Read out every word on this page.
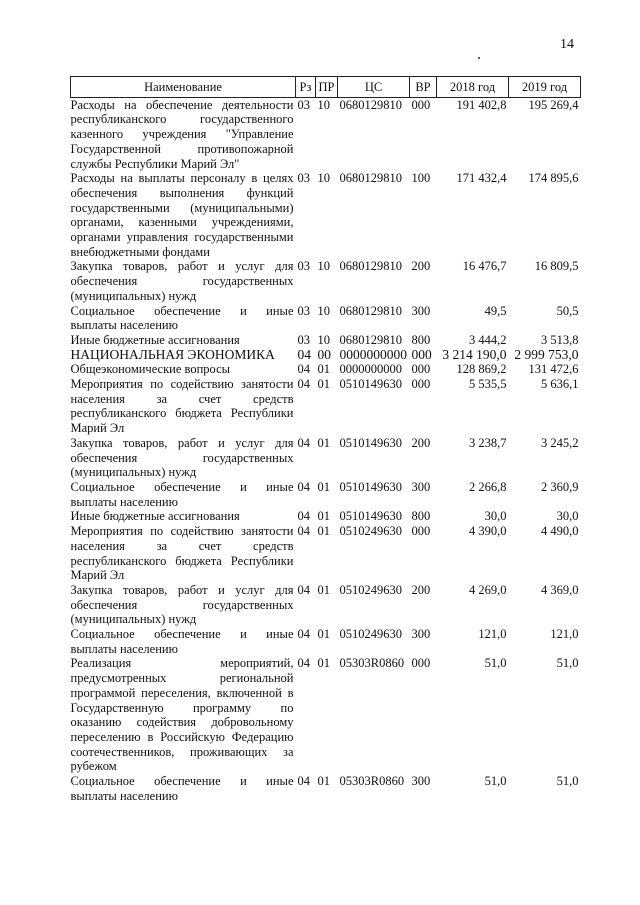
14
Наименование	Рз	ПР	ЦС	ВР	2018 год	2019 год
Расходы на обеспечение деятельности республиканского государственного казенного учреждения "Управление Государственной противопожарной службы Республики Марий Эл"	03	10	0680129810	000	191 402,8	195 269,4
Расходы на выплаты персоналу в целях обеспечения выполнения функций государственными (муниципальными) органами, казенными учреждениями, органами управления государственными внебюджетными фондами	03	10	0680129810	100	171 432,4	174 895,6
Закупка товаров, работ и услуг для обеспечения государственных (муниципальных) нужд	03	10	0680129810	200	16 476,7	16 809,5
Социальное обеспечение и иные выплаты населению	03	10	0680129810	300	49,5	50,5
Иные бюджетные ассигнования	03	10	0680129810	800	3 444,2	3 513,8
НАЦИОНАЛЬНАЯ ЭКОНОМИКА	04	00	0000000000	000	3 214 190,0	2 999 753,0
Общеэкономические вопросы	04	01	0000000000	000	128 869,2	131 472,6
Мероприятия по содействию занятости населения за счет средств республиканского бюджета Республики Марий Эл	04	01	0510149630	000	5 535,5	5 636,1
Закупка товаров, работ и услуг для обеспечения государственных (муниципальных) нужд	04	01	0510149630	200	3 238,7	3 245,2
Социальное обеспечение и иные выплаты населению	04	01	0510149630	300	2 266,8	2 360,9
Иные бюджетные ассигнования	04	01	0510149630	800	30,0	30,0
Мероприятия по содействию занятости населения за счет средств республиканского бюджета Республики Марий Эл	04	01	0510249630	000	4 390,0	4 490,0
Закупка товаров, работ и услуг для обеспечения государственных (муниципальных) нужд	04	01	0510249630	200	4 269,0	4 369,0
Социальное обеспечение и иные выплаты населению	04	01	0510249630	300	121,0	121,0
Реализация мероприятий, предусмотренных региональной программой переселения, включенной в Государственную программу по оказанию содействия добровольному переселению в Российскую Федерацию соотечественников, проживающих за рубежом	04	01	05303R0860	000	51,0	51,0
Социальное обеспечение и иные выплаты населению	04	01	05303R0860	300	51,0	51,0
